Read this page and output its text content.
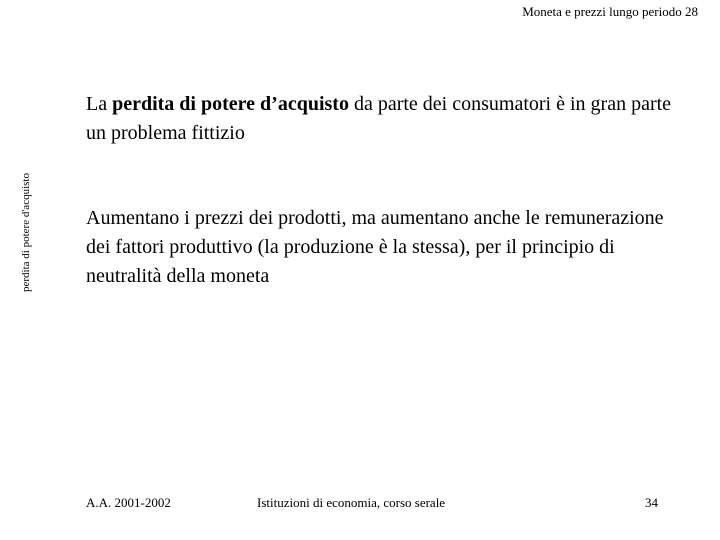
Moneta e prezzi lungo periodo 28
perdita di potere d'acquisto
La perdita di potere d’acquisto da parte dei consumatori è in gran parte un problema fittizio
Aumentano i prezzi dei prodotti, ma aumentano anche le remunerazione dei fattori produttivo (la produzione è la stessa), per il principio di neutralità della moneta
A.A. 2001-2002	Istituzioni di economia, corso serale	34
